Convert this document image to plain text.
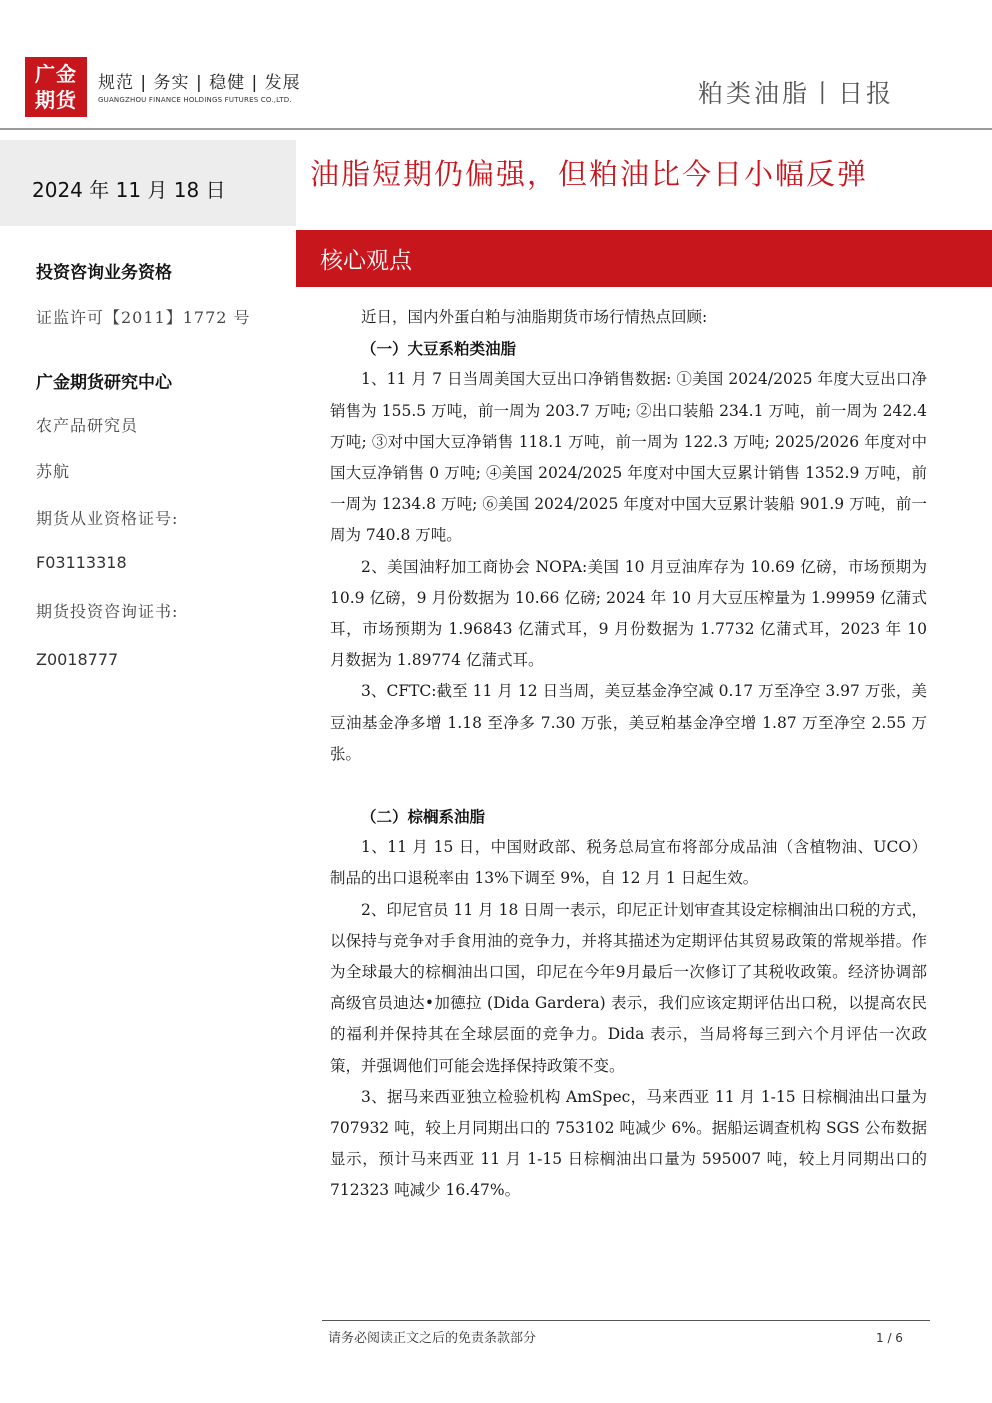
广金
期货
规范 | 务实 | 稳健 | 发展
GUANGZHOU FINANCE HOLDINGS FUTURES CO.,LTD.	粕类油脂丨日报
2024 年 11 月 18 日
投资咨询业务资格
证监许可【2011】1772 号
广金期货研究中心
农产品研究员
苏航
期货从业资格证号:
F03113318
期货投资咨询证书:
Z0018777
油脂短期仍偏强，但粕油比今日小幅反弹
核心观点

近日，国内外蛋白粕与油脂期货市场行情热点回顾:

（一）大豆系粕类油脂

1、11 月 7 日当周美国大豆出口净销售数据: ①美国 2024/2025 年度大豆出口净销售为 155.5 万吨，前一周为 203.7 万吨; ②出口装船 234.1 万吨，前一周为 242.4 万吨; ③对中国大豆净销售 118.1 万吨，前一周为 122.3 万吨; 2025/2026 年度对中国大豆净销售 0 万吨; ④美国 2024/2025 年度对中国大豆累计销售 1352.9 万吨，前一周为 1234.8 万吨; ⑥美国 2024/2025 年度对中国大豆累计装船 901.9 万吨，前一周为 740.8 万吨。

2、美国油籽加工商协会 NOPA:美国 10 月豆油库存为 10.69 亿磅，市场预期为 10.9 亿磅，9 月份数据为 10.66 亿磅; 2024 年 10 月大豆压榨量为 1.99959 亿蒲式耳，市场预期为 1.96843 亿蒲式耳，9 月份数据为 1.7732 亿蒲式耳，2023 年 10 月数据为 1.89774 亿蒲式耳。

3、CFTC:截至 11 月 12 日当周，美豆基金净空减 0.17 万至净空 3.97 万张，美豆油基金净多增 1.18 至净多 7.30 万张，美豆粕基金净空增 1.87 万至净空 2.55 万张。

（二）棕榈系油脂

1、11 月 15 日，中国财政部、税务总局宣布将部分成品油（含植物油、UCO）制品的出口退税率由 13%下调至 9%，自 12 月 1 日起生效。

2、印尼官员 11 月 18 日周一表示，印尼正计划审查其设定棕榈油出口税的方式，以保持与竞争对手食用油的竞争力，并将其描述为定期评估其贸易政策的常规举措。作为全球最大的棕榈油出口国，印尼在今年9月最后一次修订了其税收政策。经济协调部高级官员迪达•加德拉 (Dida Gardera) 表示，我们应该定期评估出口税，以提高农民的福利并保持其在全球层面的竞争力。Dida 表示，当局将每三到六个月评估一次政策，并强调他们可能会选择保持政策不变。

3、据马来西亚独立检验机构 AmSpec，马来西亚 11 月 1-15 日棕榈油出口量为 707932 吨，较上月同期出口的 753102 吨减少 6%。据船运调查机构 SGS 公布数据显示，预计马来西亚 11 月 1-15 日棕榈油出口量为 595007 吨，较上月同期出口的 712323 吨减少 16.47%。

请务必阅读正文之后的免责条款部分	1 / 6
